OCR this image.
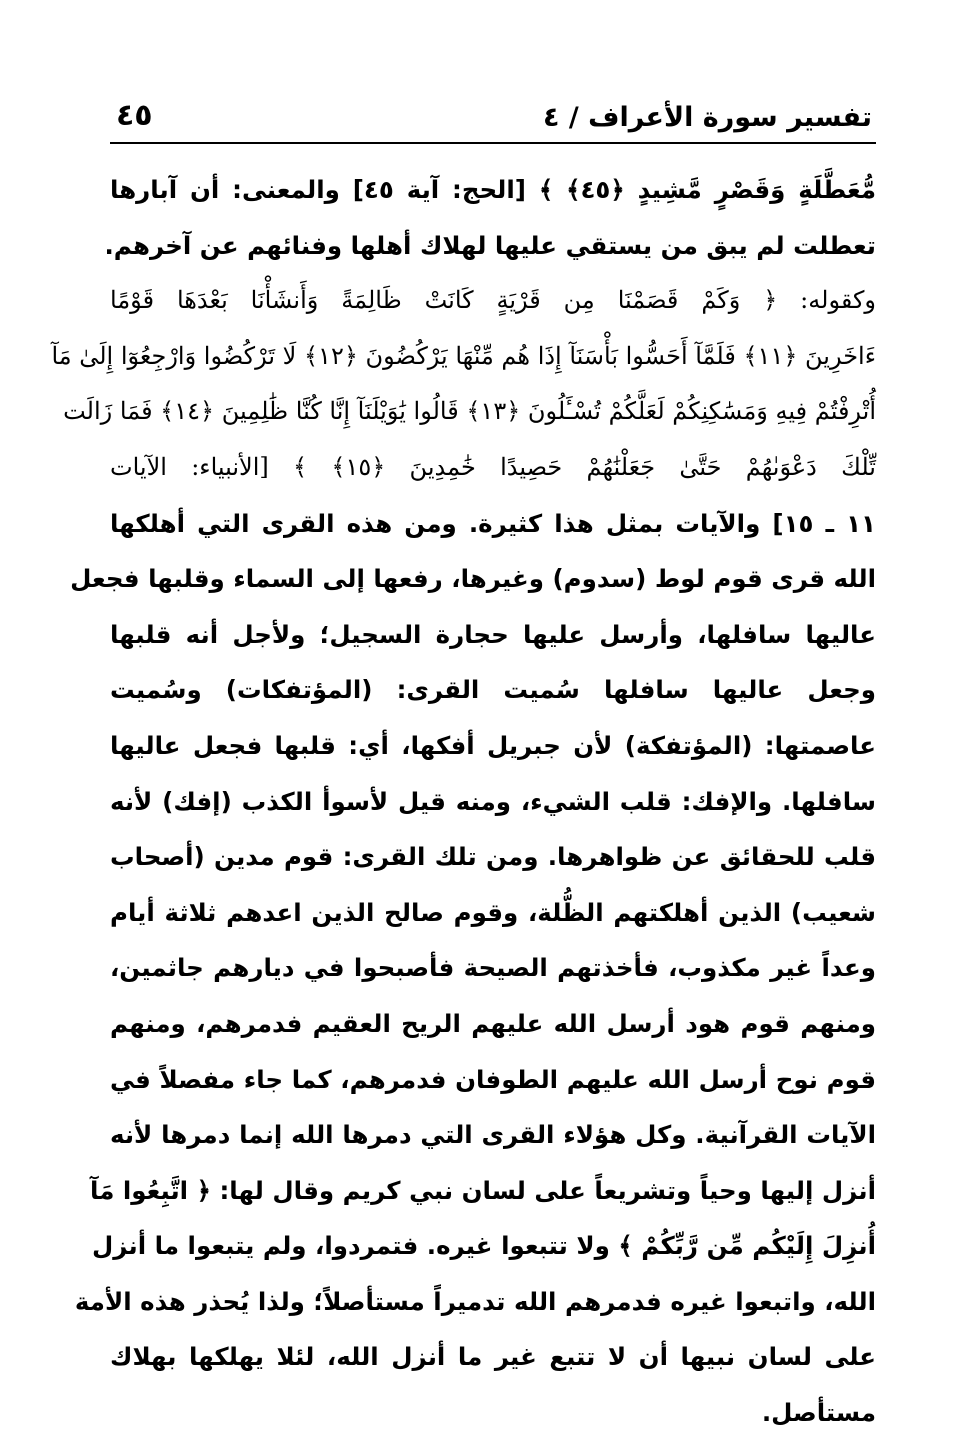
تفسير سورة الأعراف / ٤
٤٥
مُّعَطَّلَةٍ وَقَصْرٍ مَّشِيدٍ ﴿٤٥﴾ ﴾ [الحج: آية ٤٥] والمعنى: أن آبارها
تعطلت لم يبق من يستقي عليها لهلاك أهلها وفنائهم عن آخرهم.
وكقوله: ﴿ وَكَمْ قَصَمْنَا مِن قَرْيَةٍ كَانَتْ ظَالِمَةً وَأَنشَأْنَا بَعْدَهَا قَوْمًا
ءَاخَرِينَ ﴿١١﴾ فَلَمَّآ أَحَسُّوا بَأْسَنَآ إِذَا هُم مِّنْهَا يَرْكُضُونَ ﴿١٢﴾ لَا تَرْكُضُوا وَارْجِعُوٓا إِلَىٰ مَآ
أُتْرِفْتُمْ فِيهِ وَمَسَٰكِنِكُمْ لَعَلَّكُمْ تُسْـَٔلُونَ ﴿١٣﴾ قَالُوا يَٰوَيْلَنَآ إِنَّا كُنَّا ظَٰلِمِينَ ﴿١٤﴾ فَمَا زَالَت
تِّلْكَ دَعْوَىٰهُمْ حَتَّىٰ جَعَلْنَٰهُمْ حَصِيدًا خَٰمِدِينَ ﴿١٥﴾ ﴾ [الأنبياء: الآيات
١١ ـ ١٥] والآيات بمثل هذا كثيرة. ومن هذه القرى التي أهلكها
الله قرى قوم لوط (سدوم) وغيرها، رفعها إلى السماء وقلبها فجعل
عاليها سافلها، وأرسل عليها حجارة السجيل؛ ولأجل أنه قلبها
وجعل عاليها سافلها سُميت القرى: (المؤتفكات) وسُميت
عاصمتها: (المؤتفكة) لأن جبريل أفكها، أي: قلبها فجعل عاليها
سافلها. والإفك: قلب الشيء، ومنه قيل لأسوأ الكذب (إفك) لأنه
قلب للحقائق عن ظواهرها. ومن تلك القرى: قوم مدين (أصحاب
شعيب) الذين أهلكتهم الظُّلة، وقوم صالح الذين اعدهم ثلاثة أيام
وعداً غير مكذوب، فأخذتهم الصيحة فأصبحوا في ديارهم جاثمين،
ومنهم قوم هود أرسل الله عليهم الريح العقيم فدمرهم، ومنهم
قوم نوح أرسل الله عليهم الطوفان فدمرهم، كما جاء مفصلاً في
الآيات القرآنية. وكل هؤلاء القرى التي دمرها الله إنما دمرها لأنه
أنزل إليها وحياً وتشريعاً على لسان نبي كريم وقال لها: ﴿ اتَّبِعُوا مَآ
أُنزِلَ إِلَيْكُم مِّن رَّبِّكُمْ ﴾ ولا تتبعوا غيره. فتمردوا، ولم يتبعوا ما أنزل
الله، واتبعوا غيره فدمرهم الله تدميراً مستأصلاً؛ ولذا يُحذر هذه الأمة
على لسان نبيها أن لا تتبع غير ما أنزل الله، لئلا يهلكها بهلاك
مستأصل.
